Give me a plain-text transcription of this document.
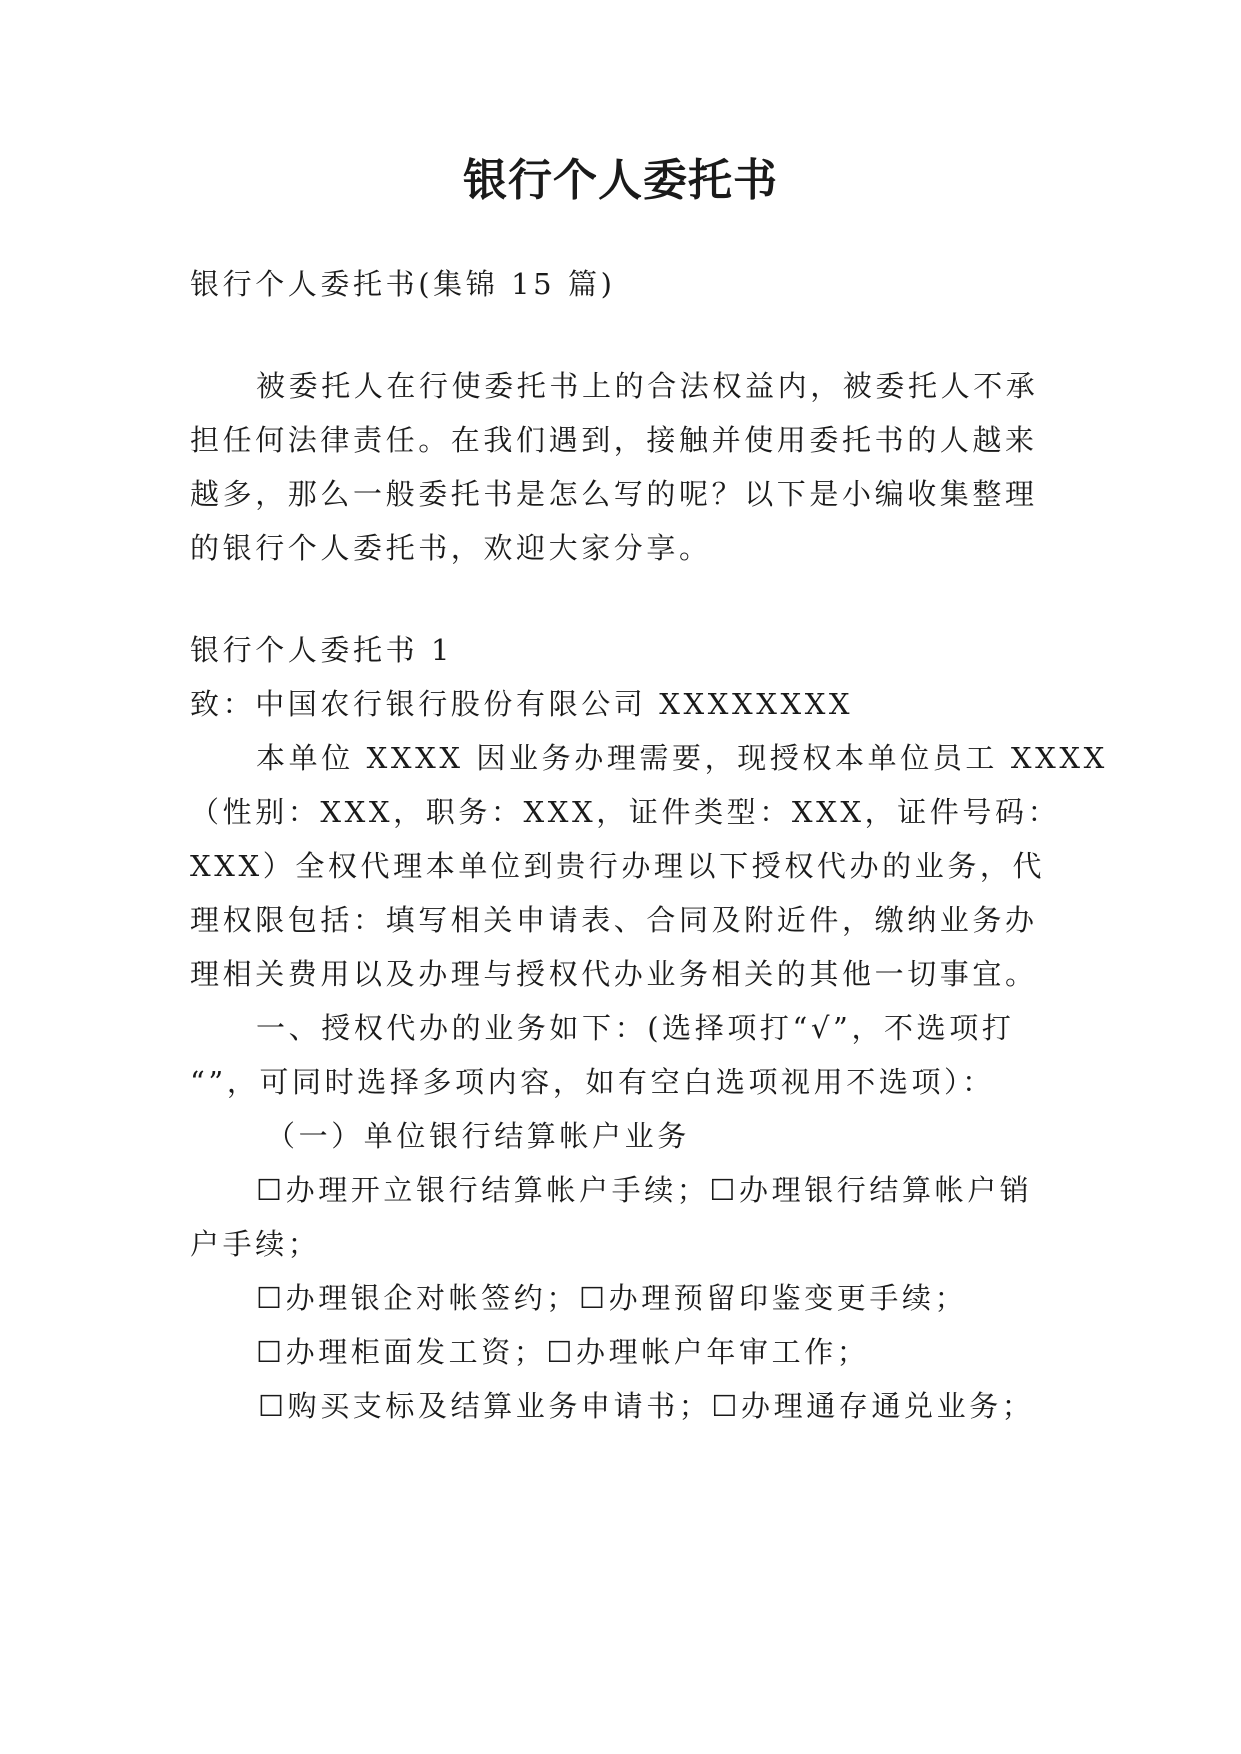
银行个人委托书
银行个人委托书(集锦 15 篇)
被委托人在行使委托书上的合法权益内，被委托人不承
担任何法律责任。在我们遇到，接触并使用委托书的人越来
越多，那么一般委托书是怎么写的呢？以下是小编收集整理
的银行个人委托书，欢迎大家分享。
银行个人委托书 1
致：中国农行银行股份有限公司 XXXXXXXX
本单位 XXXX 因业务办理需要，现授权本单位员工 XXXX
（性别：XXX，职务：XXX，证件类型：XXX，证件号码：
XXX）全权代理本单位到贵行办理以下授权代办的业务，代
理权限包括：填写相关申请表、合同及附近件，缴纳业务办
理相关费用以及办理与授权代办业务相关的其他一切事宜。
一、授权代办的业务如下：(选择项打“√”，不选项打
“”，可同时选择多项内容，如有空白选项视用不选项）：
（一）单位银行结算帐户业务
☐办理开立银行结算帐户手续；☐办理银行结算帐户销
户手续；
☐办理银企对帐签约；☐办理预留印鉴变更手续；
☐办理柜面发工资；☐办理帐户年审工作；
☐购买支标及结算业务申请书；☐办理通存通兑业务；
